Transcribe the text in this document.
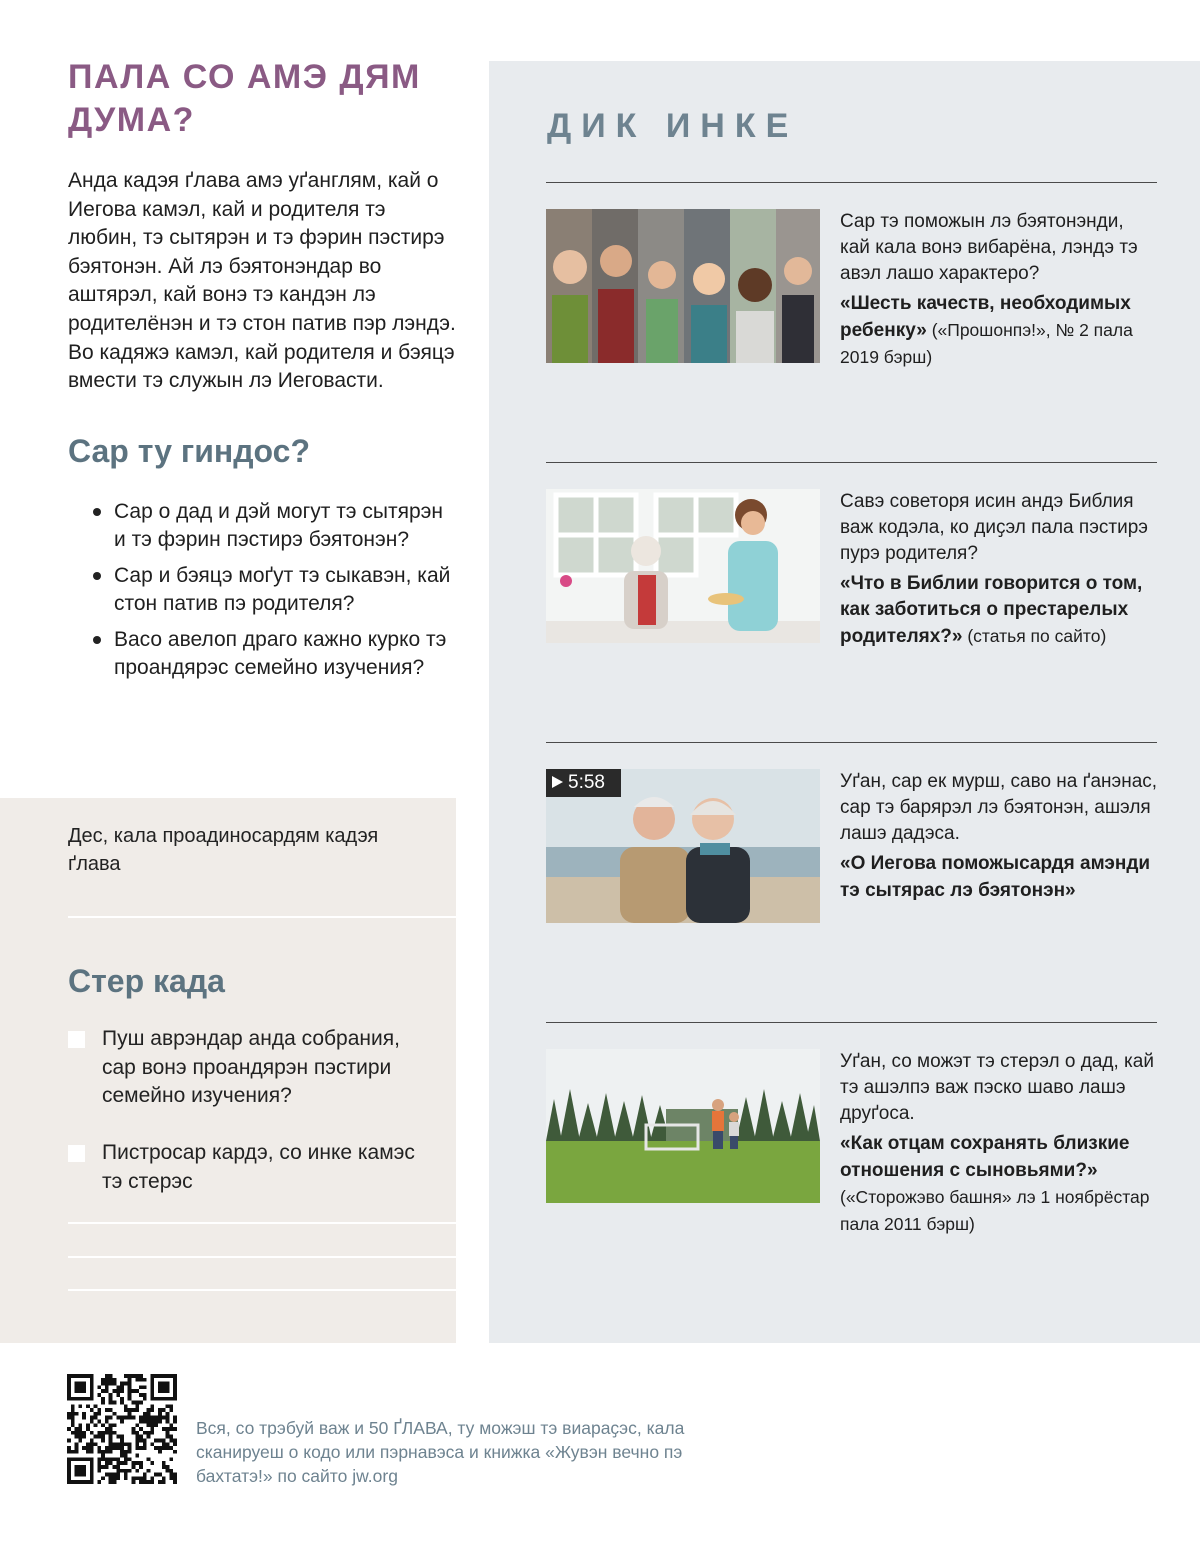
ПАЛА СО АМЭ ДЯМ ДУМА?

Анда кадэя ґлава амэ уґанглям, кай о Иегова камэл, кай и родителя тэ любин, тэ сытярэн и тэ фэрин пэстирэ бэятонэн. Ай лэ бэятонэндар во аштярэл, кай вонэ тэ кандэн лэ родителёнэн и тэ стон патив пэр лэндэ. Во кадяжэ камэл, кай родителя и бэяцэ вмести тэ служын лэ Иеговасти.

Сар ту гиндос?
Сар о дад и дэй могут тэ сытярэн и тэ фэрин пэстирэ бэятонэн?
Сар и бэяцэ моґут тэ сыкавэн, кай стон патив пэ родителя?
Васо авелоп драго кажно курко тэ проандярэс семейно изучения?
Дес, кала проадиносардям кадэя ґлава
Стер када
Пуш аврэндар анда собрания, сар вонэ проандярэн пэстири семейно изучения?
Пистросар кардэ, со инке камэс тэ стерэс
ДИК ИНКЕ

Сар тэ поможын лэ бэятонэнди, кай кала вонэ вибарёна, лэндэ тэ авэл лашо характеро?

«Шесть качеств, необходимых ребенку» («Прошонпэ!», № 2 пала 2019 бэрш)

Савэ советоря исин андэ Библия важ кодэла, ко диҫэл пала пэстирэ пурэ родителя?

«Что в Библии говорится о том, как заботиться о престарелых родителях?» (статья по сайто)

5:58	Уґан, сар ек мурш, саво на ґанэнас, сар тэ барярэл лэ бэятонэн, ашэля лашэ дадэса.

«О Иегова поможысардя амэнди тэ сытярас лэ бэятонэн»

Уґан, со можэт тэ стерэл о дад, кай тэ ашэлпэ важ пэско шаво лашэ друґоса.

«Как отцам сохранять близкие отношения с сыновьями?» («Сторожэво башня» лэ 1 ноябрёстар пала 2011 бэрш)

Вся, со трэбуй важ и 50 ҐЛАВА, ту можэш тэ виараҫэс, кала сканируеш о кодо или пэрнавэса и книжка «Жувэн вечно пэ бахтатэ!» по сайто jw.org
